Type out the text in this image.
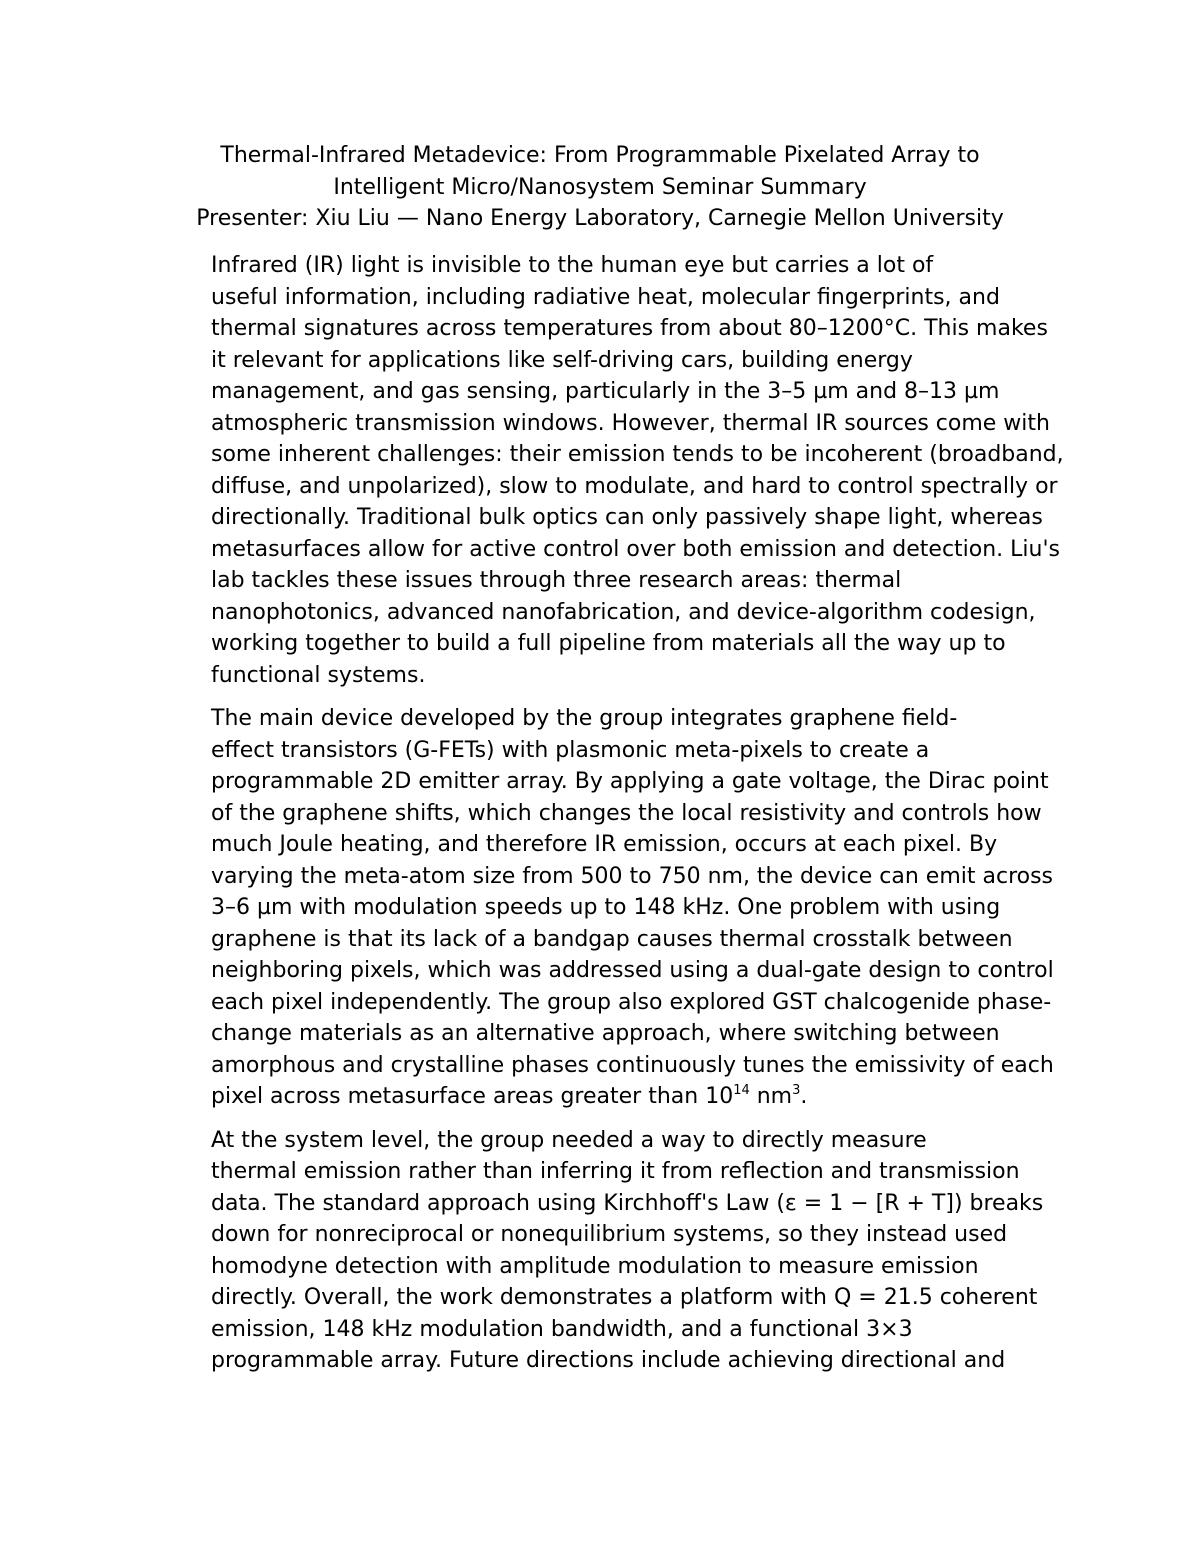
Thermal-Infrared Metadevice: From Programmable Pixelated Array to
Intelligent Micro/Nanosystem Seminar Summary
Presenter: Xiu Liu — Nano Energy Laboratory, Carnegie Mellon University

Infrared (IR) light is invisible to the human eye but carries a lot of
useful information, including radiative heat, molecular fingerprints, and
thermal signatures across temperatures from about 80–1200°C. This makes
it relevant for applications like self-driving cars, building energy
management, and gas sensing, particularly in the 3–5 µm and 8–13 µm
atmospheric transmission windows. However, thermal IR sources come with
some inherent challenges: their emission tends to be incoherent (broadband,
diffuse, and unpolarized), slow to modulate, and hard to control spectrally or
directionally. Traditional bulk optics can only passively shape light, whereas
metasurfaces allow for active control over both emission and detection. Liu's
lab tackles these issues through three research areas: thermal
nanophotonics, advanced nanofabrication, and device-algorithm codesign,
working together to build a full pipeline from materials all the way up to
functional systems.

The main device developed by the group integrates graphene field-
effect transistors (G-FETs) with plasmonic meta-pixels to create a
programmable 2D emitter array. By applying a gate voltage, the Dirac point
of the graphene shifts, which changes the local resistivity and controls how
much Joule heating, and therefore IR emission, occurs at each pixel. By
varying the meta-atom size from 500 to 750 nm, the device can emit across
3–6 µm with modulation speeds up to 148 kHz. One problem with using
graphene is that its lack of a bandgap causes thermal crosstalk between
neighboring pixels, which was addressed using a dual-gate design to control
each pixel independently. The group also explored GST chalcogenide phase-
change materials as an alternative approach, where switching between
amorphous and crystalline phases continuously tunes the emissivity of each
pixel across metasurface areas greater than $10^{14}$ $nm^3$.

At the system level, the group needed a way to directly measure
thermal emission rather than inferring it from reflection and transmission
data. The standard approach using Kirchhoff's Law (ε = 1 − [R + T]) breaks
down for nonreciprocal or nonequilibrium systems, so they instead used
homodyne detection with amplitude modulation to measure emission
directly. Overall, the work demonstrates a platform with Q = 21.5 coherent
emission, 148 kHz modulation bandwidth, and a functional 3×3
programmable array. Future directions include achieving directional and
